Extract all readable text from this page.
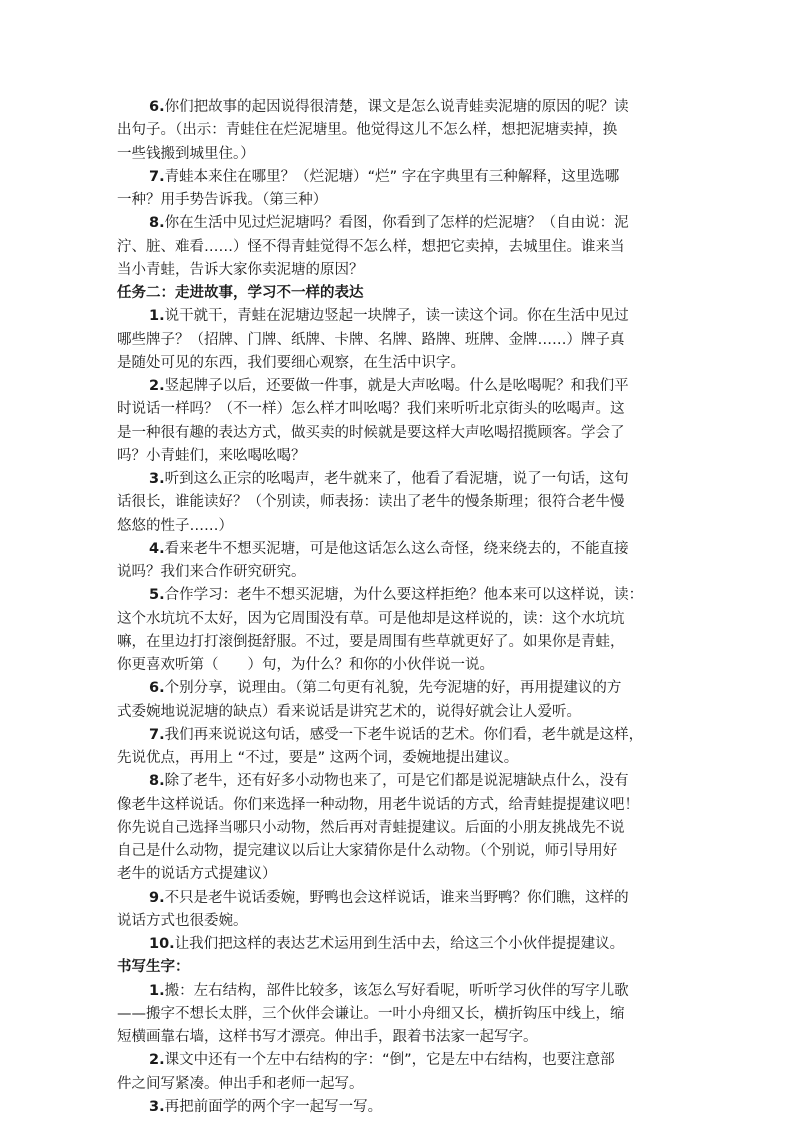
6.你们把故事的起因说得很清楚，课文是怎么说青蛙卖泥塘的原因的呢？读
出句子。（出示：青蛙住在烂泥塘里。他觉得这儿不怎么样，想把泥塘卖掉，换
一些钱搬到城里住。）
7.青蛙本来住在哪里？（烂泥塘）“烂” 字在字典里有三种解释，这里选哪
一种？用手势告诉我。（第三种）
8.你在生活中见过烂泥塘吗？看图，你看到了怎样的烂泥塘？（自由说：泥
泞、脏、难看……）怪不得青蛙觉得不怎么样，想把它卖掉，去城里住。谁来当
当小青蛙，告诉大家你卖泥塘的原因？
任务二：走进故事，学习不一样的表达
1.说干就干，青蛙在泥塘边竖起一块牌子，读一读这个词。你在生活中见过
哪些牌子？（招牌、门牌、纸牌、卡牌、名牌、路牌、班牌、金牌……）牌子真
是随处可见的东西，我们要细心观察，在生活中识字。
2.竖起牌子以后，还要做一件事，就是大声吆喝。什么是吆喝呢？和我们平
时说话一样吗？（不一样）怎么样才叫吆喝？我们来听听北京街头的吆喝声。这
是一种很有趣的表达方式，做买卖的时候就是要这样大声吆喝招揽顾客。学会了
吗？小青蛙们，来吆喝吆喝？
3.听到这么正宗的吆喝声，老牛就来了，他看了看泥塘，说了一句话，这句
话很长，谁能读好？（个别读，师表扬：读出了老牛的慢条斯理；很符合老牛慢
悠悠的性子……）
4.看来老牛不想买泥塘，可是他这话怎么这么奇怪，绕来绕去的，不能直接
说吗？我们来合作研究研究。
5.合作学习：老牛不想买泥塘，为什么要这样拒绝？他本来可以这样说，读：
这个水坑坑不太好，因为它周围没有草。可是他却是这样说的，读：这个水坑坑
嘛，在里边打打滚倒挺舒服。不过，要是周围有些草就更好了。如果你是青蛙，
你更喜欢听第（　　）句，为什么？和你的小伙伴说一说。
6.个别分享，说理由。（第二句更有礼貌，先夸泥塘的好，再用提建议的方
式委婉地说泥塘的缺点）看来说话是讲究艺术的，说得好就会让人爱听。
7.我们再来说说这句话，感受一下老牛说话的艺术。你们看，老牛就是这样，
先说优点，再用上 “不过，要是” 这两个词，委婉地提出建议。
8.除了老牛，还有好多小动物也来了，可是它们都是说泥塘缺点什么，没有
像老牛这样说话。你们来选择一种动物，用老牛说话的方式，给青蛙提提建议吧！
你先说自己选择当哪只小动物，然后再对青蛙提建议。后面的小朋友挑战先不说
自己是什么动物，提完建议以后让大家猜你是什么动物。（个别说，师引导用好
老牛的说话方式提建议）
9.不只是老牛说话委婉，野鸭也会这样说话，谁来当野鸭？你们瞧，这样的
说话方式也很委婉。
10.让我们把这样的表达艺术运用到生活中去，给这三个小伙伴提提建议。
书写生字：
1.搬：左右结构，部件比较多，该怎么写好看呢，听听学习伙伴的写字儿歌
——搬字不想长太胖，三个伙伴会谦让。一叶小舟细又长，横折钩压中线上，缩
短横画靠右墙，这样书写才漂亮。伸出手，跟着书法家一起写字。
2.课文中还有一个左中右结构的字：“倒”，它是左中右结构，也要注意部
件之间写紧凑。伸出手和老师一起写。
3.再把前面学的两个字一起写一写。
